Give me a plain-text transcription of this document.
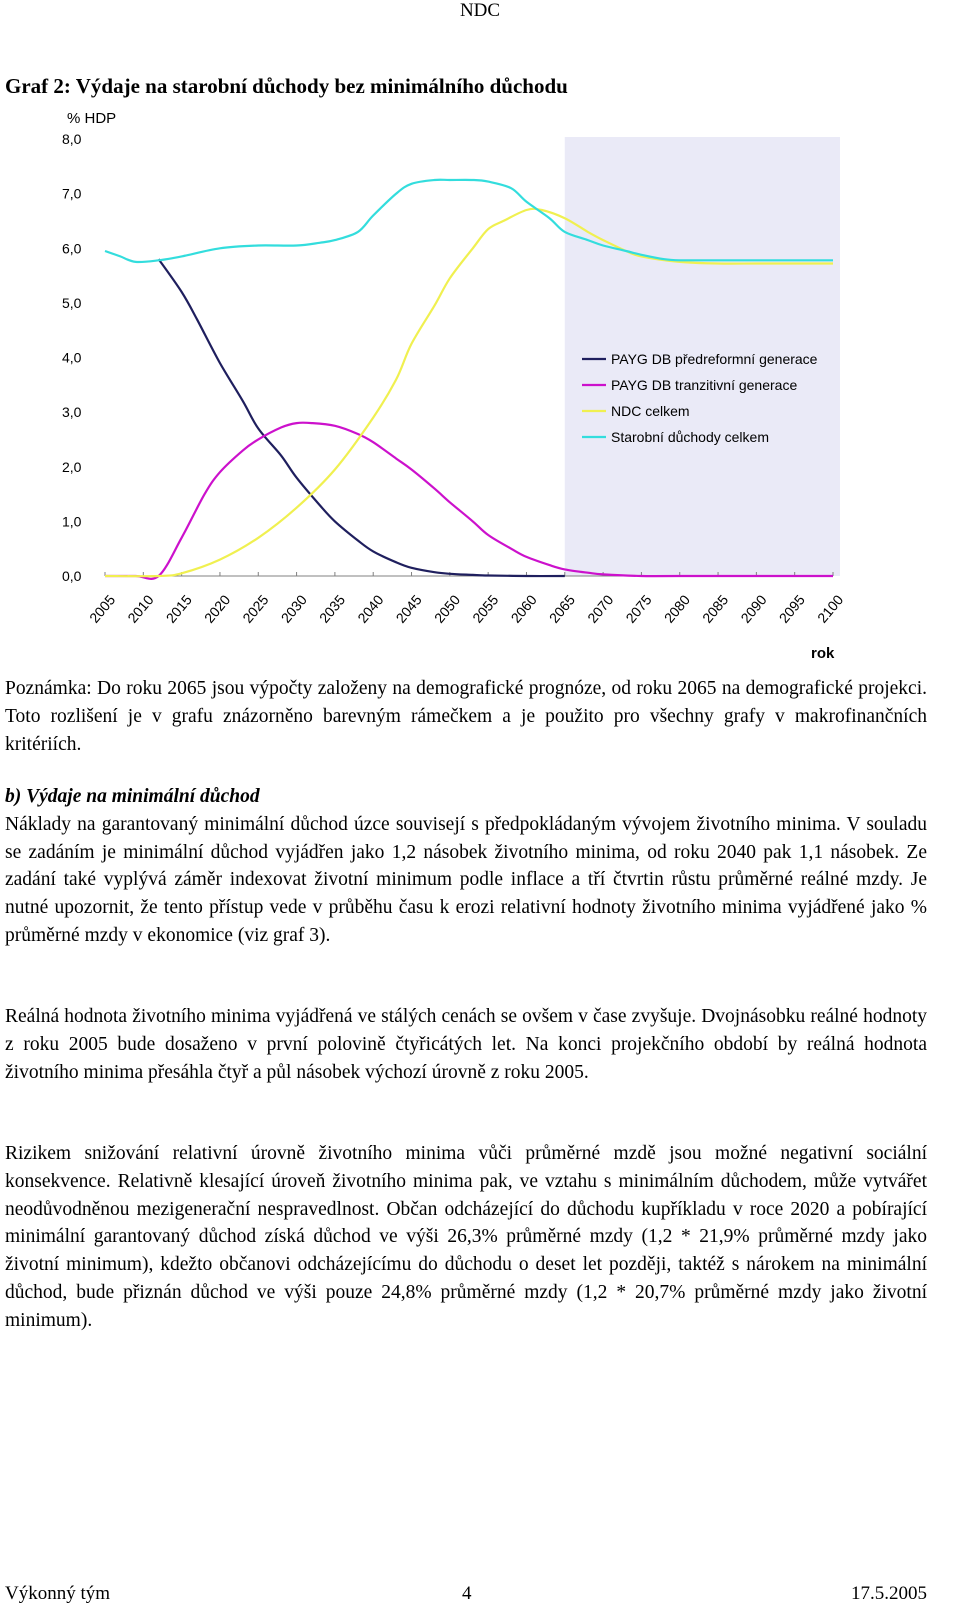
NDC
Graf 2: Výdaje na starobní důchody bez minimálního důchodu
0,0
1,0
2,0
3,0
4,0
5,0
6,0
7,0
8,0
2005 2010 2015 2020 2025 2030 2035 2040 2045 2050 2055 2060 2065 2070 2075 2080 2085 2090 2095 2100
PAYG DB předreformní generace
PAYG DB tranzitivní generace
NDC celkem
Starobní důchody celkem
% HDP
rok

Poznámka: Do roku 2065 jsou výpočty založeny na demografické prognóze, od roku 2065 na demografické projekci. Toto rozlišení je v grafu znázorněno barevným rámečkem a je použito pro všechny grafy v makrofinančních kritériích.

b) Výdaje na minimální důchod

Náklady na garantovaný minimální důchod úzce souvisejí s předpokládaným vývojem životního minima. V souladu se zadáním je minimální důchod vyjádřen jako 1,2 násobek životního minima, od roku 2040 pak 1,1 násobek. Ze zadání také vyplývá záměr indexovat životní minimum podle inflace a tří čtvrtin růstu průměrné reálné mzdy. Je nutné upozornit, že tento přístup vede v průběhu času k erozi relativní hodnoty životního minima vyjádřené jako % průměrné mzdy v ekonomice (viz graf 3).

Reálná hodnota životního minima vyjádřená ve stálých cenách se ovšem v čase zvyšuje. Dvojnásobku reálné hodnoty z roku 2005 bude dosaženo v první polovině čtyřicátých let. Na konci projekčního období by reálná hodnota životního minima přesáhla čtyř a půl násobek výchozí úrovně z roku 2005.

Rizikem snižování relativní úrovně životního minima vůči průměrné mzdě jsou možné negativní sociální konsekvence. Relativně klesající úroveň životního minima pak, ve vztahu s minimálním důchodem, může vytvářet neodůvodněnou mezigenerační nespravedlnost. Občan odcházející do důchodu kupříkladu v roce 2020 a pobírající minimální garantovaný důchod získá důchod ve výši 26,3% průměrné mzdy (1,2 * 21,9% průměrné mzdy jako životní minimum), kdežto občanovi odcházejícímu do důchodu o deset let později, taktéž s nárokem na minimální důchod, bude přiznán důchod ve výši pouze 24,8% průměrné mzdy (1,2 * 20,7% průměrné mzdy jako životní minimum).

Výkonný tým	4	17.5.2005
